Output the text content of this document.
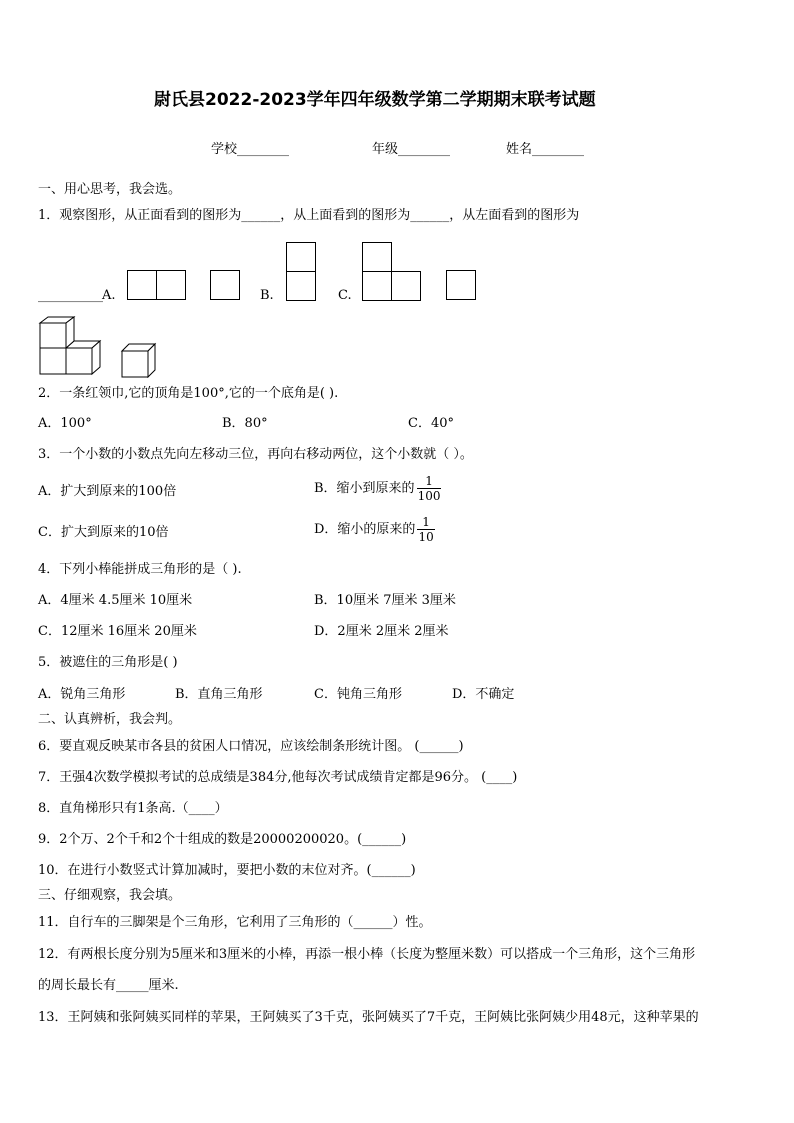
尉氏县2022-2023学年四年级数学第二学期期末联考试题
学校________	年级________	姓名________
一、用心思考，我会选。
1．观察图形，从正面看到的图形为______，从上面看到的图形为______，从左面看到的图形为
__________ A.	B.	C.
2．一条红领巾,它的顶角是100°,它的一个底角是( ).
A．100°	B．80°	C．40°
3．一个小数的小数点先向左移动三位，再向右移动两位，这个小数就（ ）。
A．扩大到原来的100倍	B．缩小到原来的 $\frac{1}{100}$
C．扩大到原来的10倍	D．缩小的原来的 $\frac{1}{10}$
4．下列小棒能拼成三角形的是（ ).
A．4厘米 4.5厘米 10厘米	B．10厘米 7厘米 3厘米
C．12厘米 16厘米 20厘米	D．2厘米 2厘米 2厘米
5．被遮住的三角形是( )
A．锐角三角形	B．直角三角形	C．钝角三角形	D．不确定
二、认真辨析，我会判。
6．要直观反映某市各县的贫困人口情况，应该绘制条形统计图。 (______)
7．王强4次数学模拟考试的总成绩是384分,他每次考试成绩肯定都是96分。 (____)
8．直角梯形只有1条高.（____）
9．2个万、2个千和2个十组成的数是20000200020。(______)
10．在进行小数竖式计算加减时，要把小数的末位对齐。(______)
三、仔细观察，我会填。
11．自行车的三脚架是个三角形，它利用了三角形的（______）性。
12．有两根长度分别为5厘米和3厘米的小棒，再添一根小棒（长度为整厘米数）可以搭成一个三角形，这个三角形
的周长最长有_____厘米.
13．王阿姨和张阿姨买同样的苹果，王阿姨买了3千克，张阿姨买了7千克，王阿姨比张阿姨少用48元，这种苹果的
